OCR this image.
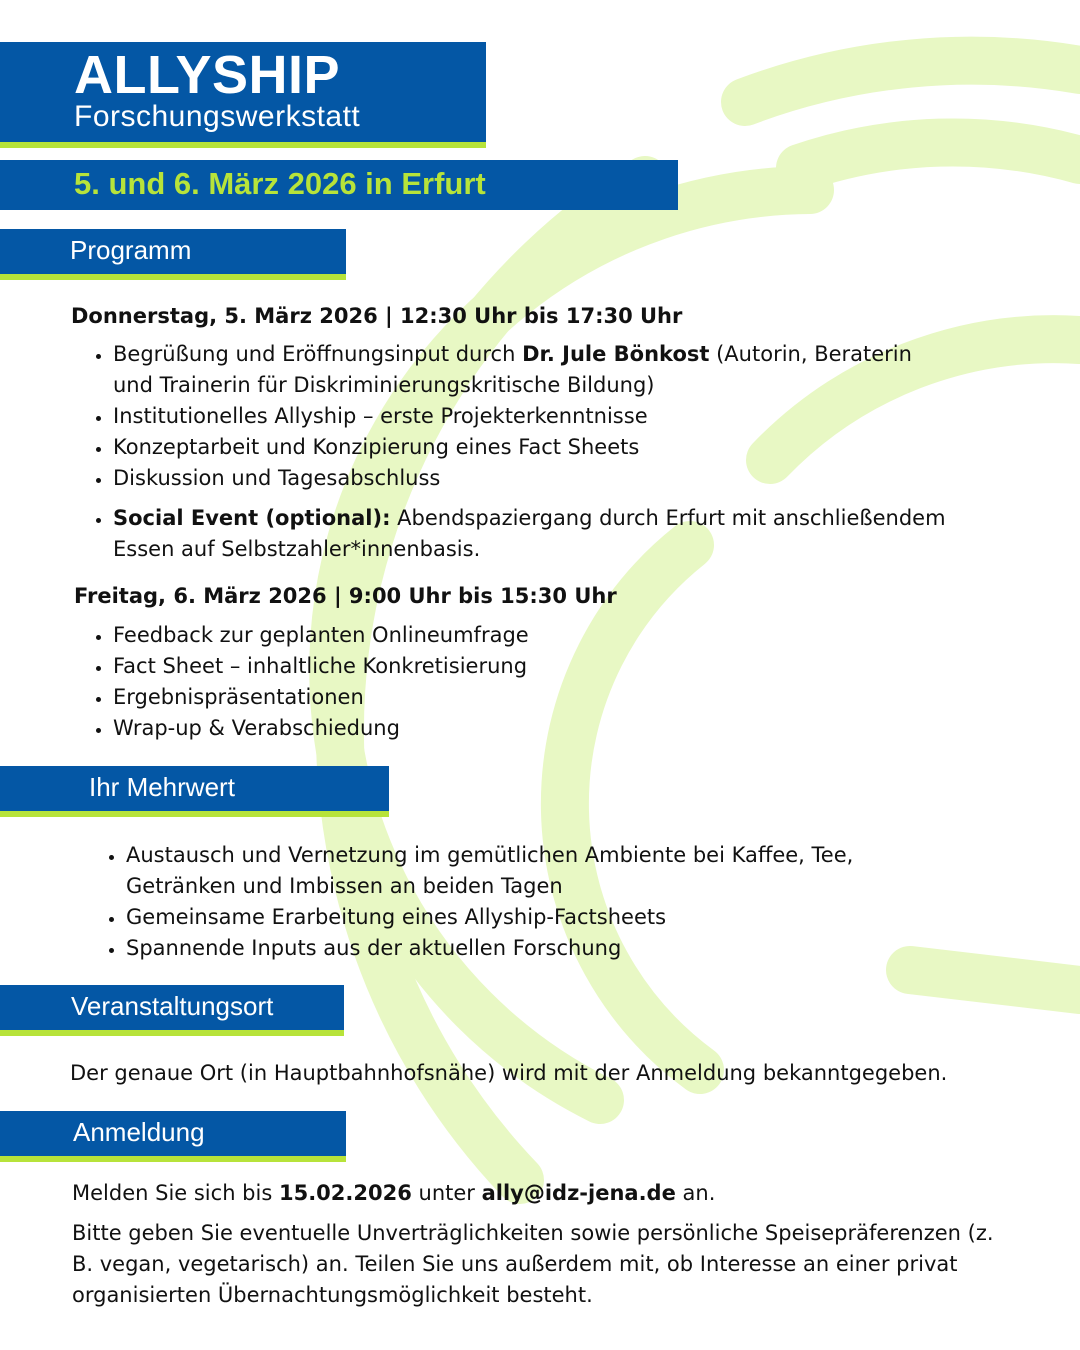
ALLYSHIP
Forschungswerkstatt
5. und 6. März 2026 in Erfurt
Programm

Donnerstag, 5. März 2026 | 12:30 Uhr bis 17:30 Uhr

• Begrüßung und Eröffnungsinput durch Dr. Jule Bönkost (Autorin, Beraterin und Trainerin für Diskriminierungskritische Bildung)
• Institutionelles Allyship – erste Projekterkenntnisse
• Konzeptarbeit und Konzipierung eines Fact Sheets
• Diskussion und Tagesabschluss
• Social Event (optional): Abendspaziergang durch Erfurt mit anschließendem Essen auf Selbstzahler*innenbasis.

Freitag, 6. März 2026 | 9:00 Uhr bis 15:30 Uhr

• Feedback zur geplanten Onlineumfrage
• Fact Sheet – inhaltliche Konkretisierung
• Ergebnispräsentationen
• Wrap-up & Verabschiedung
Ihr Mehrwert
• Austausch und Vernetzung im gemütlichen Ambiente bei Kaffee, Tee, Getränken und Imbissen an beiden Tagen
• Gemeinsame Erarbeitung eines Allyship-Factsheets
• Spannende Inputs aus der aktuellen Forschung
Veranstaltungsort

Der genaue Ort (in Hauptbahnhofsnähe) wird mit der Anmeldung bekanntgegeben.

Anmeldung

Melden Sie sich bis 15.02.2026 unter ally@idz-jena.de an.

Bitte geben Sie eventuelle Unverträglichkeiten sowie persönliche Speisepräferenzen (z. B. vegan, vegetarisch) an. Teilen Sie uns außerdem mit, ob Interesse an einer privat organisierten Übernachtungsmöglichkeit besteht.
